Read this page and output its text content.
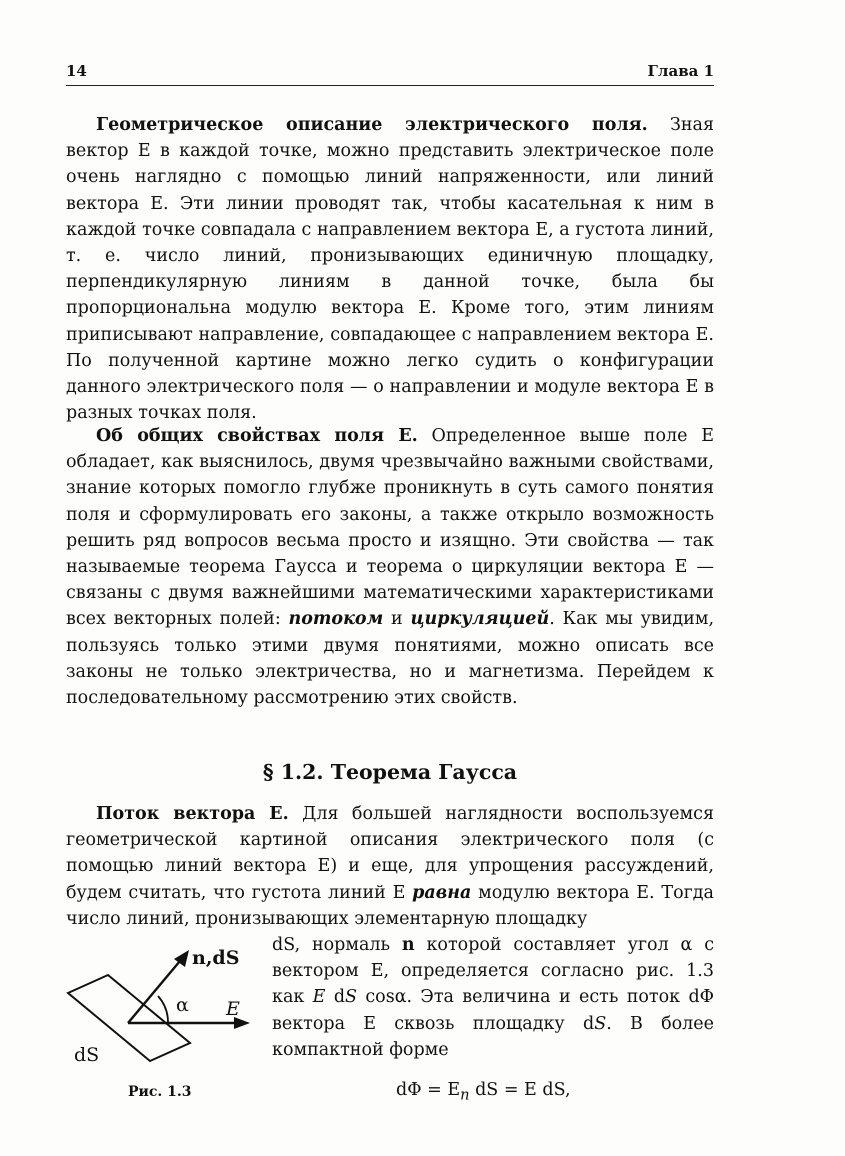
14	Глава 1

Геометрическое описание электрического поля. Зная вектор E в каждой точке, можно представить электрическое поле очень наглядно с помощью линий напряженности, или линий вектора E. Эти линии проводят так, чтобы касательная к ним в каждой точке совпадала с направлением вектора E, а густота линий, т. е. число линий, пронизывающих единичную площадку, перпендикулярную линиям в данной точке, была бы пропорциональна модулю вектора E. Кроме того, этим линиям приписывают направление, совпадающее с направлением вектора E. По полученной картине можно легко судить о конфигурации данного электрического поля — о направлении и модуле вектора E в разных точках поля.

Об общих свойствах поля E. Определенное выше поле E обладает, как выяснилось, двумя чрезвычайно важными свойствами, знание которых помогло глубже проникнуть в суть самого понятия поля и сформулировать его законы, а также открыло возможность решить ряд вопросов весьма просто и изящно. Эти свойства — так называемые теорема Гаусса и теорема о циркуляции вектора E — связаны с двумя важнейшими математическими характеристиками всех векторных полей: потоком и циркуляцией. Как мы увидим, пользуясь только этими двумя понятиями, можно описать все законы не только электричества, но и магнетизма. Перейдем к последовательному рассмотрению этих свойств.

§ 1.2. Теорема Гаусса

Поток вектора E. Для большей наглядности воспользуемся геометрической картиной описания электрического поля (с помощью линий вектора E) и еще, для упрощения рассуждений, будем считать, что густота линий E равна модулю вектора E. Тогда число линий, пронизывающих элементарную площадку

dS, нормаль n которой составляет угол α с вектором E, определяется согласно рис. 1.3 как E dS cosα. Эта величина и есть поток dΦ вектора E сквозь площадку dS. В более компактной форме

n,dS
α E
dS
Рис. 1.3	$d\Phi = E_n$ dS = E dS,
